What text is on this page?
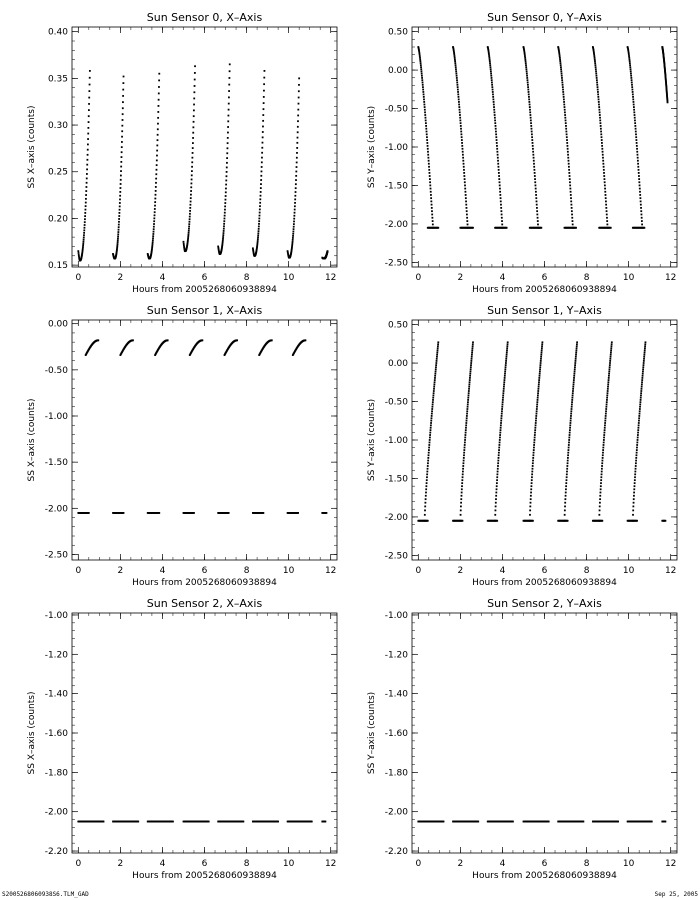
Sun Sensor 0, X–Axis
0	2	4	6	8	10	12
0.15
0.20
0.25
0.30
0.35
0.40
Hours from 2005268060938894
SS X–axis (counts)
Sun Sensor 0, Y–Axis
0	2	4	6	8	10	12
0.50
0.00
-0.50
-1.00
-1.50
-2.00
-2.50
Hours from 2005268060938894
SS Y–axis (counts)
Sun Sensor 1, X–Axis
0	2	4	6	8	10	12
0.00
-0.50
-1.00
-1.50
-2.00
-2.50
Hours from 2005268060938894
SS X–axis (counts)
Sun Sensor 1, Y–Axis
0	2	4	6	8	10	12
0.50
0.00
-0.50
-1.00
-1.50
-2.00
-2.50
Hours from 2005268060938894
SS Y–axis (counts)
Sun Sensor 2, X–Axis
0	2	4	6	8	10	12
-1.00
-1.20
-1.40
-1.60
-1.80
-2.00
-2.20
Hours from 2005268060938894
SS X–axis (counts)
Sun Sensor 2, Y–Axis
0	2	4	6	8	10	12
-1.00
-1.20
-1.40
-1.60
-1.80
-2.00
-2.20
Hours from 2005268060938894
SS Y–axis (counts)
S2005268060938S6.TLM_GAD	Sep 25, 2005
